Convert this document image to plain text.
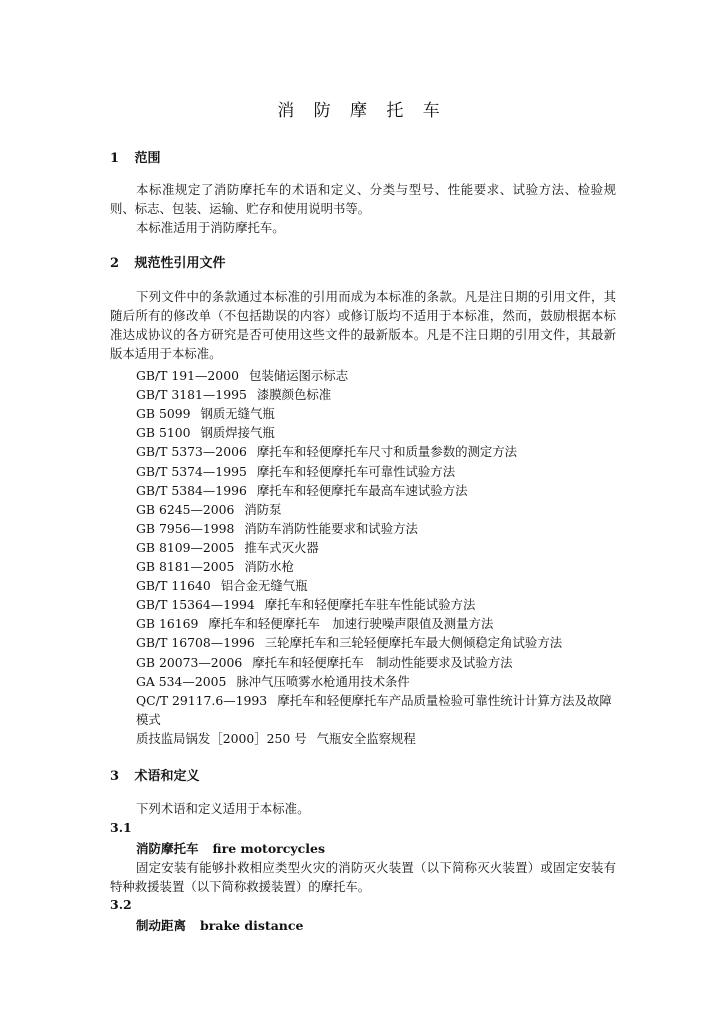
消 防 摩 托 车
1 范围
本标准规定了消防摩托车的术语和定义、分类与型号、性能要求、试验方法、检验规则、标志、包装、运输、贮存和使用说明书等。
本标准适用于消防摩托车。
2 规范性引用文件
下列文件中的条款通过本标准的引用而成为本标准的条款。凡是注日期的引用文件，其随后所有的修改单（不包括勘误的内容）或修订版均不适用于本标准，然而，鼓励根据本标准达成协议的各方研究是否可使用这些文件的最新版本。凡是不注日期的引用文件，其最新版本适用于本标准。
GB/T 191—2000 包装储运图示标志
GB/T 3181—1995 漆膜颜色标准
GB 5099 钢质无缝气瓶
GB 5100 钢质焊接气瓶
GB/T 5373—2006 摩托车和轻便摩托车尺寸和质量参数的测定方法
GB/T 5374—1995 摩托车和轻便摩托车可靠性试验方法
GB/T 5384—1996 摩托车和轻便摩托车最高车速试验方法
GB 6245—2006 消防泵
GB 7956—1998 消防车消防性能要求和试验方法
GB 8109—2005 推车式灭火器
GB 8181—2005 消防水枪
GB/T 11640 铝合金无缝气瓶
GB/T 15364—1994 摩托车和轻便摩托车驻车性能试验方法
GB 16169 摩托车和轻便摩托车　加速行驶噪声限值及测量方法
GB/T 16708—1996 三轮摩托车和三轮轻便摩托车最大侧倾稳定角试验方法
GB 20073—2006 摩托车和轻便摩托车　制动性能要求及试验方法
GA 534—2005 脉冲气压喷雾水枪通用技术条件
QC/T 29117.6—1993 摩托车和轻便摩托车产品质量检验可靠性统计计算方法及故障
模式
质技监局锅发［2000］250 号 气瓶安全监察规程
3 术语和定义
下列术语和定义适用于本标准。
3.1
消防摩托车 fire motorcycles
固定安装有能够扑救相应类型火灾的消防灭火装置（以下简称灭火装置）或固定安装有特种救援装置（以下简称救援装置）的摩托车。
3.2
制动距离 brake distance
